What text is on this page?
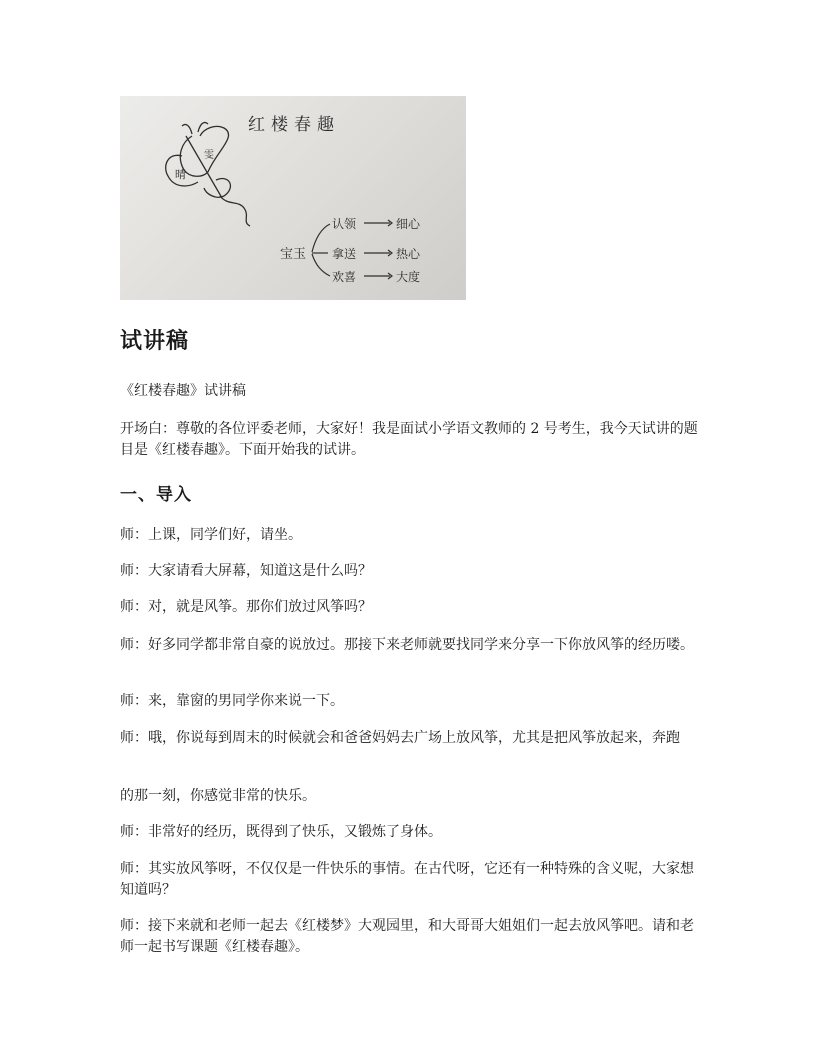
红楼春趣
晴
雯
宝玉
认领	细心
拿送	热心
欢喜	大度
试讲稿

《红楼春趣》试讲稿

开场白：尊敬的各位评委老师，大家好！我是面试小学语文教师的 2 号考生，我今天试讲的题目是《红楼春趣》。下面开始我的试讲。

一、导入

师：上课，同学们好，请坐。

师：大家请看大屏幕，知道这是什么吗？

师：对，就是风筝。那你们放过风筝吗？

师：好多同学都非常自豪的说放过。那接下来老师就要找同学来分享一下你放风筝的经历喽。

师：来，靠窗的男同学你来说一下。

师：哦，你说每到周末的时候就会和爸爸妈妈去广场上放风筝，尤其是把风筝放起来，奔跑

的那一刻，你感觉非常的快乐。

师：非常好的经历，既得到了快乐，又锻炼了身体。

师：其实放风筝呀，不仅仅是一件快乐的事情。在古代呀，它还有一种特殊的含义呢，大家想知道吗？

师：接下来就和老师一起去《红楼梦》大观园里，和大哥哥大姐姐们一起去放风筝吧。请和老师一起书写课题《红楼春趣》。
